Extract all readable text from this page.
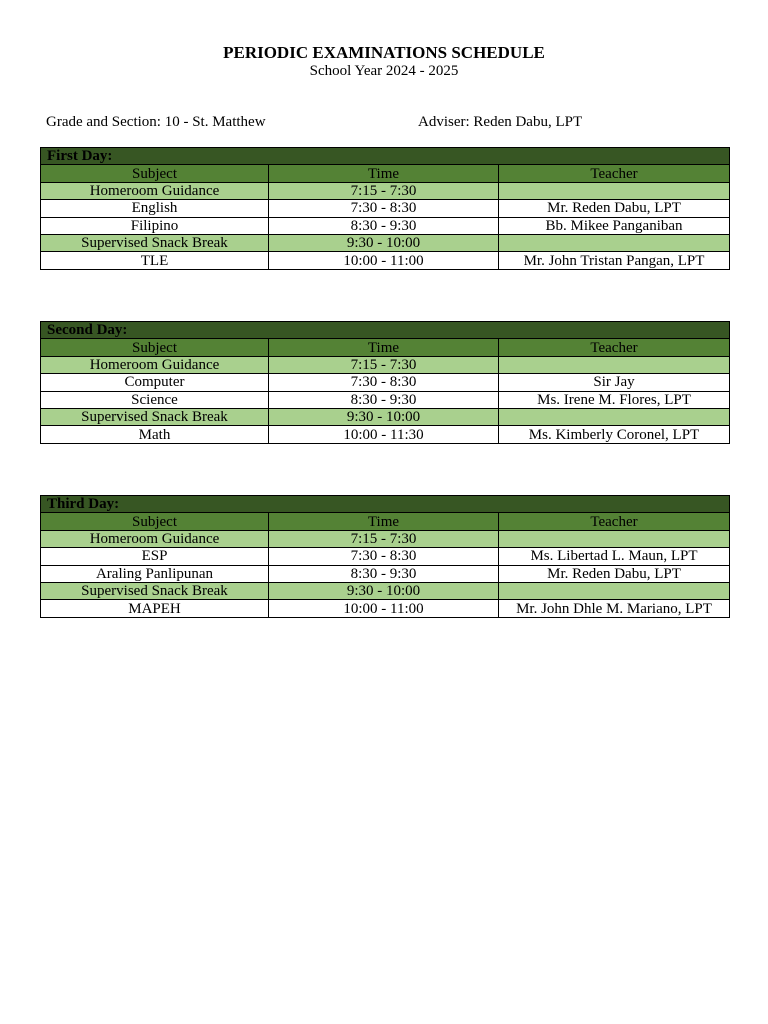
PERIODIC EXAMINATIONS SCHEDULE
School Year 2024 - 2025
Grade and Section: 10 - St. Matthew	Adviser: Reden Dabu, LPT
First Day:		
Subject	Time	Teacher
Homeroom Guidance	7:15 - 7:30	
English	7:30 - 8:30	Mr. Reden Dabu, LPT
Filipino	8:30 - 9:30	Bb. Mikee Panganiban
Supervised Snack Break	9:30 - 10:00	
TLE	10:00 - 11:00	Mr. John Tristan Pangan, LPT
Second Day:		
Subject	Time	Teacher
Homeroom Guidance	7:15 - 7:30	
Computer	7:30 - 8:30	Sir Jay
Science	8:30 - 9:30	Ms. Irene M. Flores, LPT
Supervised Snack Break	9:30 - 10:00	
Math	10:00 - 11:30	Ms. Kimberly Coronel, LPT
Third Day:		
Subject	Time	Teacher
Homeroom Guidance	7:15 - 7:30	
ESP	7:30 - 8:30	Ms. Libertad L. Maun, LPT
Araling Panlipunan	8:30 - 9:30	Mr. Reden Dabu, LPT
Supervised Snack Break	9:30 - 10:00	
MAPEH	10:00 - 11:00	Mr. John Dhle M. Mariano, LPT
